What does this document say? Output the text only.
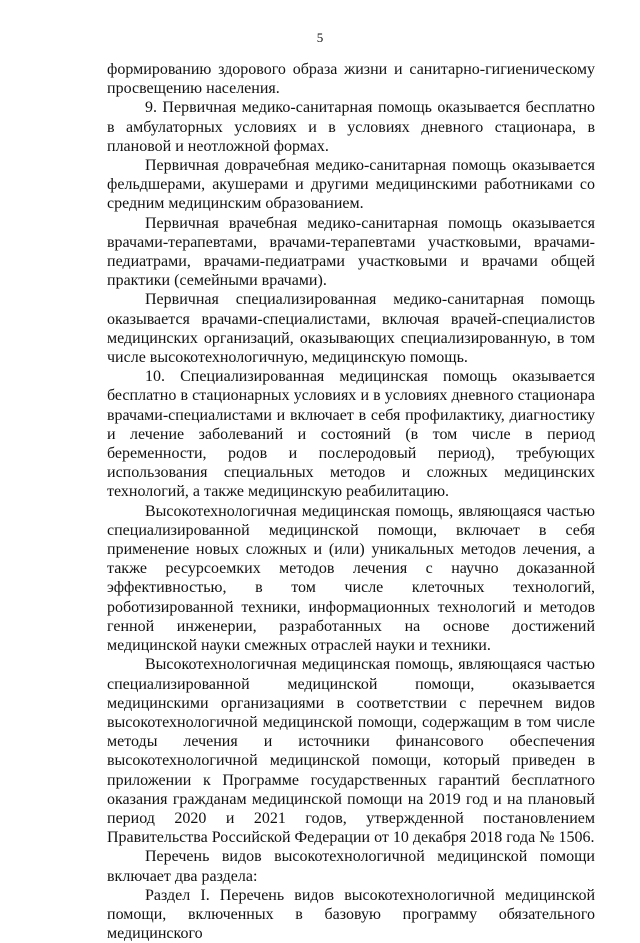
5

формированию здорового образа жизни и санитарно-гигиеническому просвещению населения.

9. Первичная медико-санитарная помощь оказывается бесплатно в амбулаторных условиях и в условиях дневного стационара, в плановой и неотложной формах.

Первичная доврачебная медико-санитарная помощь оказывается фельдшерами, акушерами и другими медицинскими работниками со средним медицинским образованием.

Первичная врачебная медико-санитарная помощь оказывается врачами-терапевтами, врачами-терапевтами участковыми, врачами-педиатрами, врачами-педиатрами участковыми и врачами общей практики (семейными врачами).

Первичная специализированная медико-санитарная помощь оказывается врачами-специалистами, включая врачей-специалистов медицинских организаций, оказывающих специализированную, в том числе высокотехнологичную, медицинскую помощь.

10. Специализированная медицинская помощь оказывается бесплатно в стационарных условиях и в условиях дневного стационара врачами-специалистами и включает в себя профилактику, диагностику и лечение заболеваний и состояний (в том числе в период беременности, родов и послеродовый период), требующих использования специальных методов и сложных медицинских технологий, а также медицинскую реабилитацию.

Высокотехнологичная медицинская помощь, являющаяся частью специализированной медицинской помощи, включает в себя применение новых сложных и (или) уникальных методов лечения, а также ресурсоемких методов лечения с научно доказанной эффективностью, в том числе клеточных технологий, роботизированной техники, информационных технологий и методов генной инженерии, разработанных на основе достижений медицинской науки смежных отраслей науки и техники.

Высокотехнологичная медицинская помощь, являющаяся частью специализированной медицинской помощи, оказывается медицинскими организациями в соответствии с перечнем видов высокотехнологичной медицинской помощи, содержащим в том числе методы лечения и источники финансового обеспечения высокотехнологичной медицинской помощи, который приведен в приложении к Программе государственных гарантий бесплатного оказания гражданам медицинской помощи на 2019 год и на плановый период 2020 и 2021 годов, утвержденной постановлением Правительства Российской Федерации от 10 декабря 2018 года № 1506.

Перечень видов высокотехнологичной медицинской помощи включает два раздела:

Раздел I. Перечень видов высокотехнологичной медицинской помощи, включенных в базовую программу обязательного медицинского
